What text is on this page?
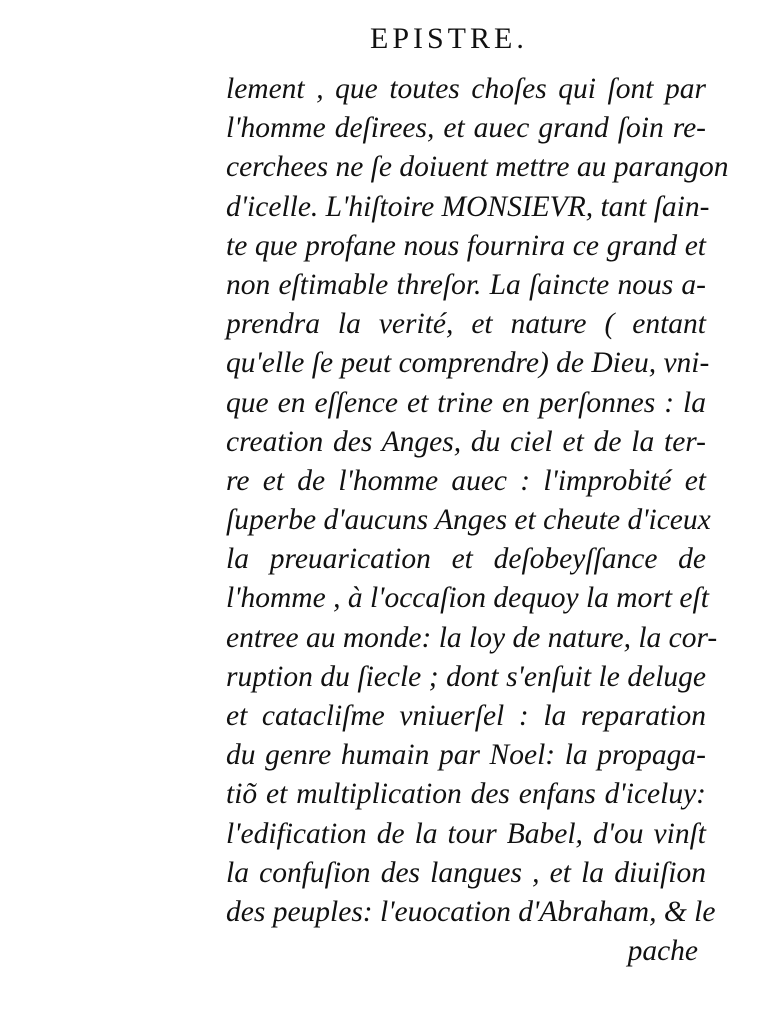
EPISTRE.
lement , que toutes choſes qui ſont par
l'homme deſirees, et auec grand ſoin re-
cerchees ne ſe doiuent mettre au parangon
d'icelle. L'hiſtoire MONSIEVR, tant ſain-
te que profane nous fournira ce grand et
non eſtimable threſor. La ſaincte nous a-
prendra la verité, et nature ( entant
qu'elle ſe peut comprendre) de Dieu, vni-
que en eſſence et trine en perſonnes : la
creation des Anges, du ciel et de la ter-
re et de l'homme auec : l'improbité et
ſuperbe d'aucuns Anges et cheute d'iceux
la preuarication et deſobeyſſance de
l'homme , à l'occaſion dequoy la mort eſt
entree au monde: la loy de nature, la cor-
ruption du ſiecle ; dont s'enſuit le deluge
et catacliſme vniuerſel : la reparation
du genre humain par Noel: la propaga-
tiõ et multiplication des enfans d'iceluy:
l'edification de la tour Babel, d'ou vinſt
la confuſion des langues , et la diuiſion
des peuples: l'euocation d'Abraham, & le
pache
